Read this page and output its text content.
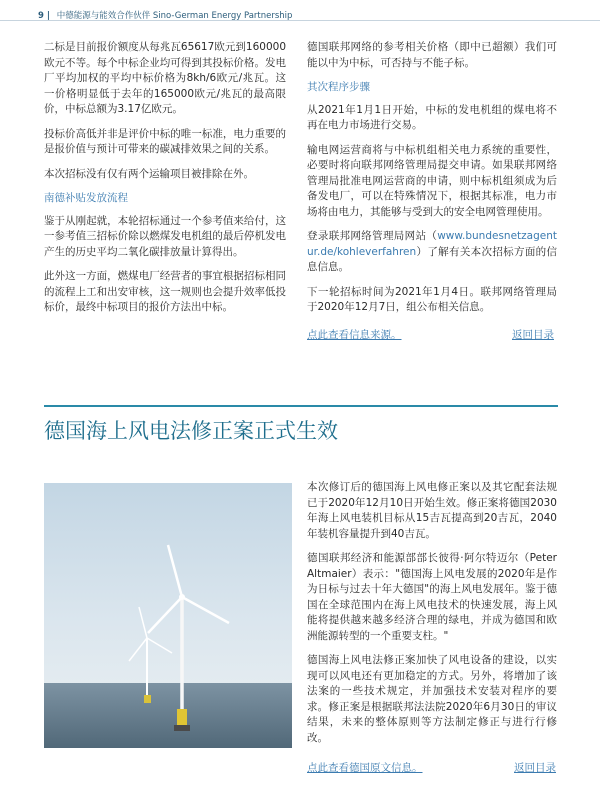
9 | 中德能源与能效合作伙伴 Sino-German Energy Partnership

二标是目前报价额度从每兆瓦65617欧元到160000欧元不等。每个中标企业均可得到其投标价格。发电厂平均加权的平均中标价格为8kh/6欧元/兆瓦。这一价格明显低于去年的165000欧元/兆瓦的最高限价，中标总额为3.17亿欧元。

投标价高低并非是评价中标的唯一标准，电力重要的是报价值与预计可带来的碳减排效果之间的关系。

本次招标没有仅有两个运输项目被排除在外。

南德补贴发放流程

鉴于从刚起就，本轮招标通过一个参考值来给付，这一参考值三招标价除以燃煤发电机组的最后停机发电产生的历史平均二氧化碳排放量计算得出。

此外这一方面，燃煤电厂经营者的事宜根据招标相同的流程上工和出安审核，这一规则也会提升效率低投标价，最终中标项目的报价方法出中标。

德国联邦网络的参考相关价格（即中已超额）我们可能以中为中标，可否持与不能子标。

其次程序步骤

从2021年1月1日开始，中标的发电机组的煤电将不再在电力市场进行交易。

输电网运营商将与中标机组相关电力系统的重要性，必要时将向联邦网络管理局提交申请。如果联邦网络管理局批准电网运营商的申请，则中标机组须成为后备发电厂，可以在特殊情况下，根据其标准，电力市场将由电力，其能够与受到大的安全电网管理使用。

登录联邦网络管理局网站（www.bundesnetzagentur.de/kohleverfahren）了解有关本次招标方面的信息信息。

下一轮招标时间为2021年1月4日。联邦网络管理局于2020年12月7日，组公布相关信息。

点此查看信息来源。	返回目录
德国海上风电法修正案正式生效

本次修订后的德国海上风电修正案以及其它配套法规已于2020年12月10日开始生效。修正案将德国2030年海上风电装机目标从15吉瓦提高到20吉瓦，2040年装机容量提升到40吉瓦。

德国联邦经济和能源部部长彼得·阿尔特迈尔（Peter Altmaier）表示："德国海上风电发展的2020年是作为日标与过去十年大德国"的海上风电发展年。鉴于德国在全球范围内在海上风电技术的快速发展，海上风能将提供越来越多经济合理的绿电，并成为德国和欧洲能源转型的一个重要支柱。"

德国海上风电法修正案加快了风电设备的建设，以实现可以风电还有更加稳定的方式。另外，将增加了该法案的一些技术规定，并加强技术安装对程序的要求。修正案是根据联邦法法院2020年6月30日的审议结果，未来的整体原则等方法制定修正与进行行修改。

点此查看德国原文信息。	返回目录
